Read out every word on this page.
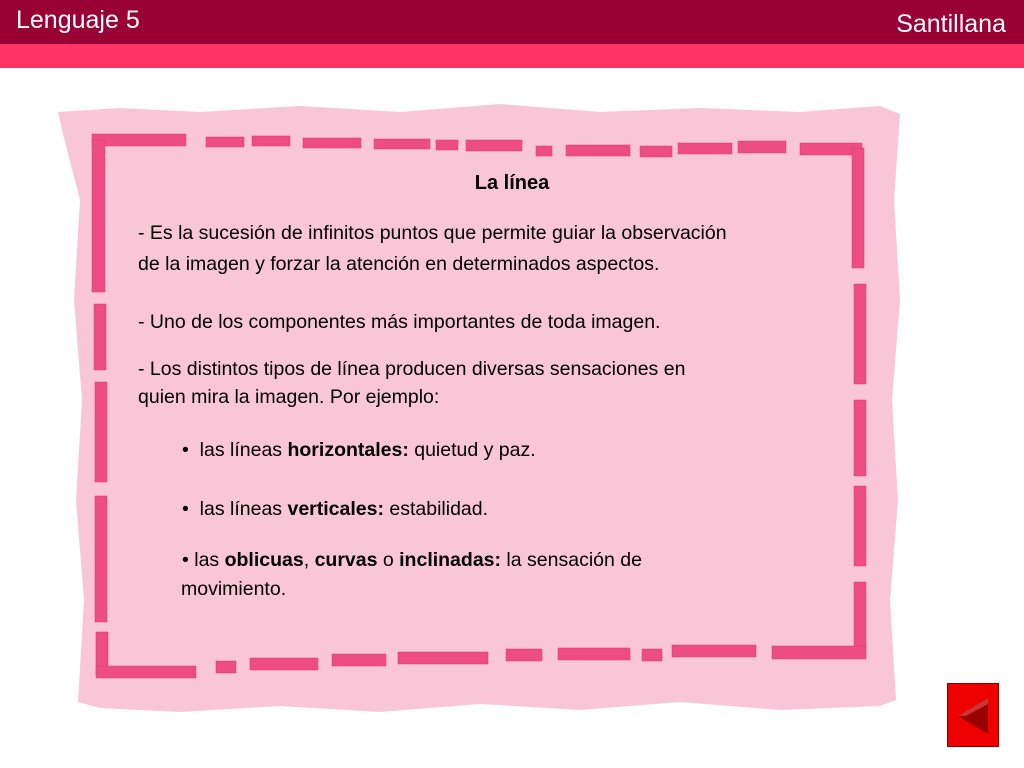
Lenguaje 5	Santillana

La línea

- Es la sucesión de infinitos puntos que permite guiar la observación

de la imagen y forzar la atención en determinados aspectos.

- Uno de los componentes más importantes de toda imagen.

- Los distintos tipos de línea producen diversas sensaciones en

quien mira la imagen. Por ejemplo:

•  las líneas horizontales: quietud y paz.

•  las líneas verticales: estabilidad.

• las oblicuas, curvas o inclinadas: la sensación de

movimiento.
